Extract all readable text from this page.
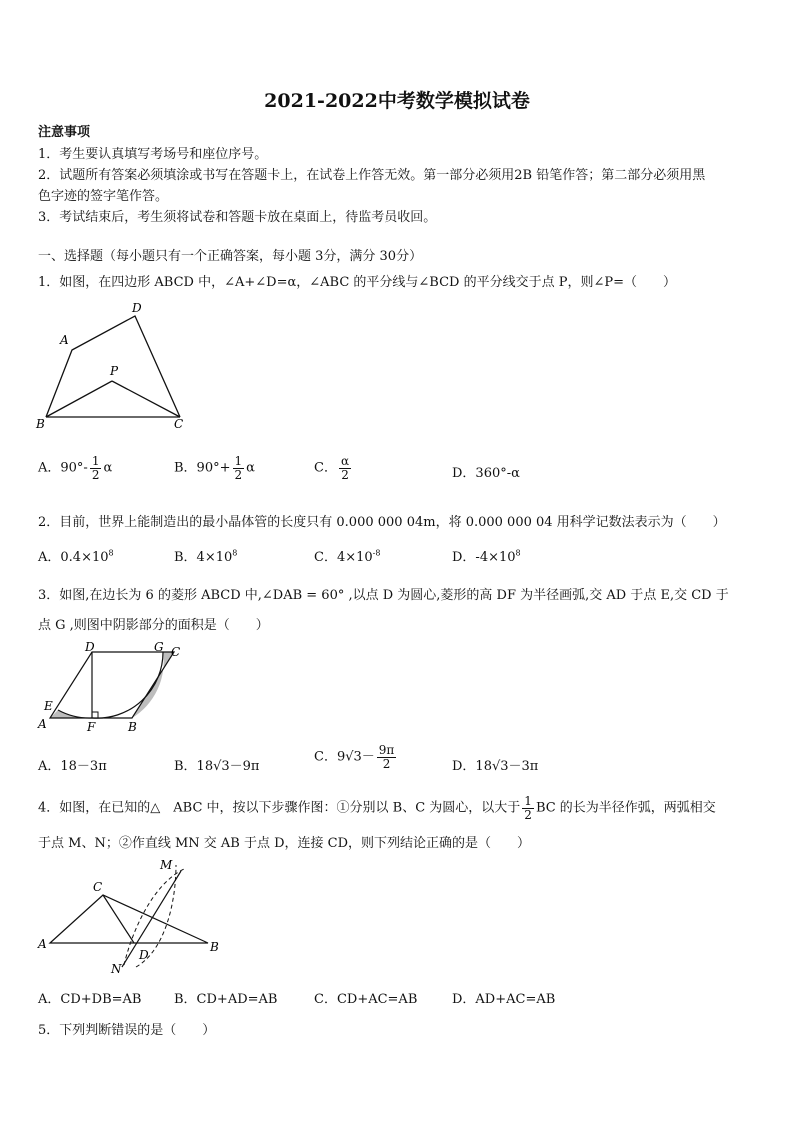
2021-2022中考数学模拟试卷
注意事项
1．考生要认真填写考场号和座位序号。
2．试题所有答案必须填涂或书写在答题卡上，在试卷上作答无效。第一部分必须用2B 铅笔作答；第二部分必须用黑
色字迹的签字笔作答。
3．考试结束后，考生须将试卷和答题卡放在桌面上，待监考员收回。
一、选择题（每小题只有一个正确答案，每小题 3分，满分 30分）
1．如图，在四边形 ABCD 中，∠A+∠D=α，∠ABC 的平分线与∠BCD 的平分线交于点 P，则∠P=（　　）
A
D
P
B	C
A．$90^\circ- \frac{1}{2}$ α	B．$90^\circ+ \frac{1}{2}$ α	C． $\frac{\alpha}{2}$	D．360°-α
2．目前，世界上能制造出的最小晶体管的长度只有 0.000 000 04m，将 0.000 000 04 用科学记数法表示为（　　）
A．$0.4\times 10^8$	B．$4\times 10^8$	C．$4\times 10^{-8}$	D．$-4\times 10^8$
3．如图,在边长为 6 的菱形 ABCD 中,∠DAB = 60° ,以点 D 为圆心,菱形的高 DF 为半径画弧,交 AD 于点 E,交 CD 于
点 G ,则图中阴影部分的面积是（　　）
D	G C
E
A	F	B
A．18－3π	B．18√3－9π
C．$9√3- \frac{9\pi}{2}$	D．18√3－3π
4．如图，在已知的△　ABC 中，按以下步骤作图：①分别以 B、C 为圆心，以大于 $\frac{1}{2}$ BC 的长为半径作弧，两弧相交
于点 M、N；②作直线 MN 交 AB 于点 D，连接 CD，则下列结论正确的是（　　）
M
C
A	B
D
N
A．CD+DB=AB	B．CD+AD=AB	C．CD+AC=AB	D．AD+AC=AB
5．下列判断错误的是（　　）
